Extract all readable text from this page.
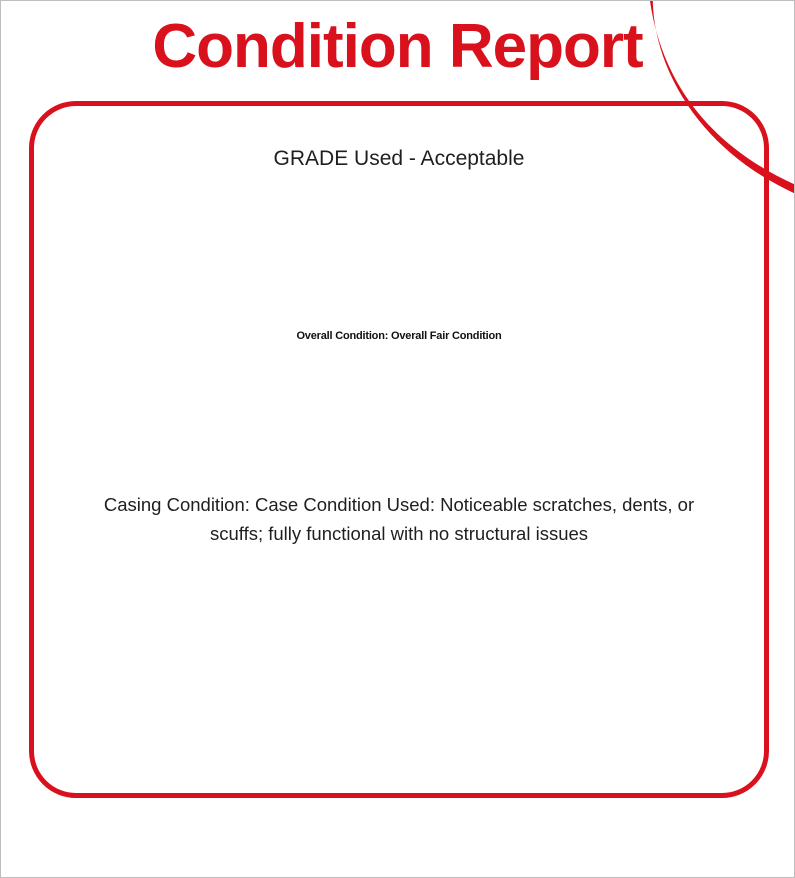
Condition Report
GRADE Used - Acceptable
Overall Condition: Overall Fair Condition
Casing Condition: Case Condition Used: Noticeable scratches, dents, or scuffs; fully functional with no structural issues
